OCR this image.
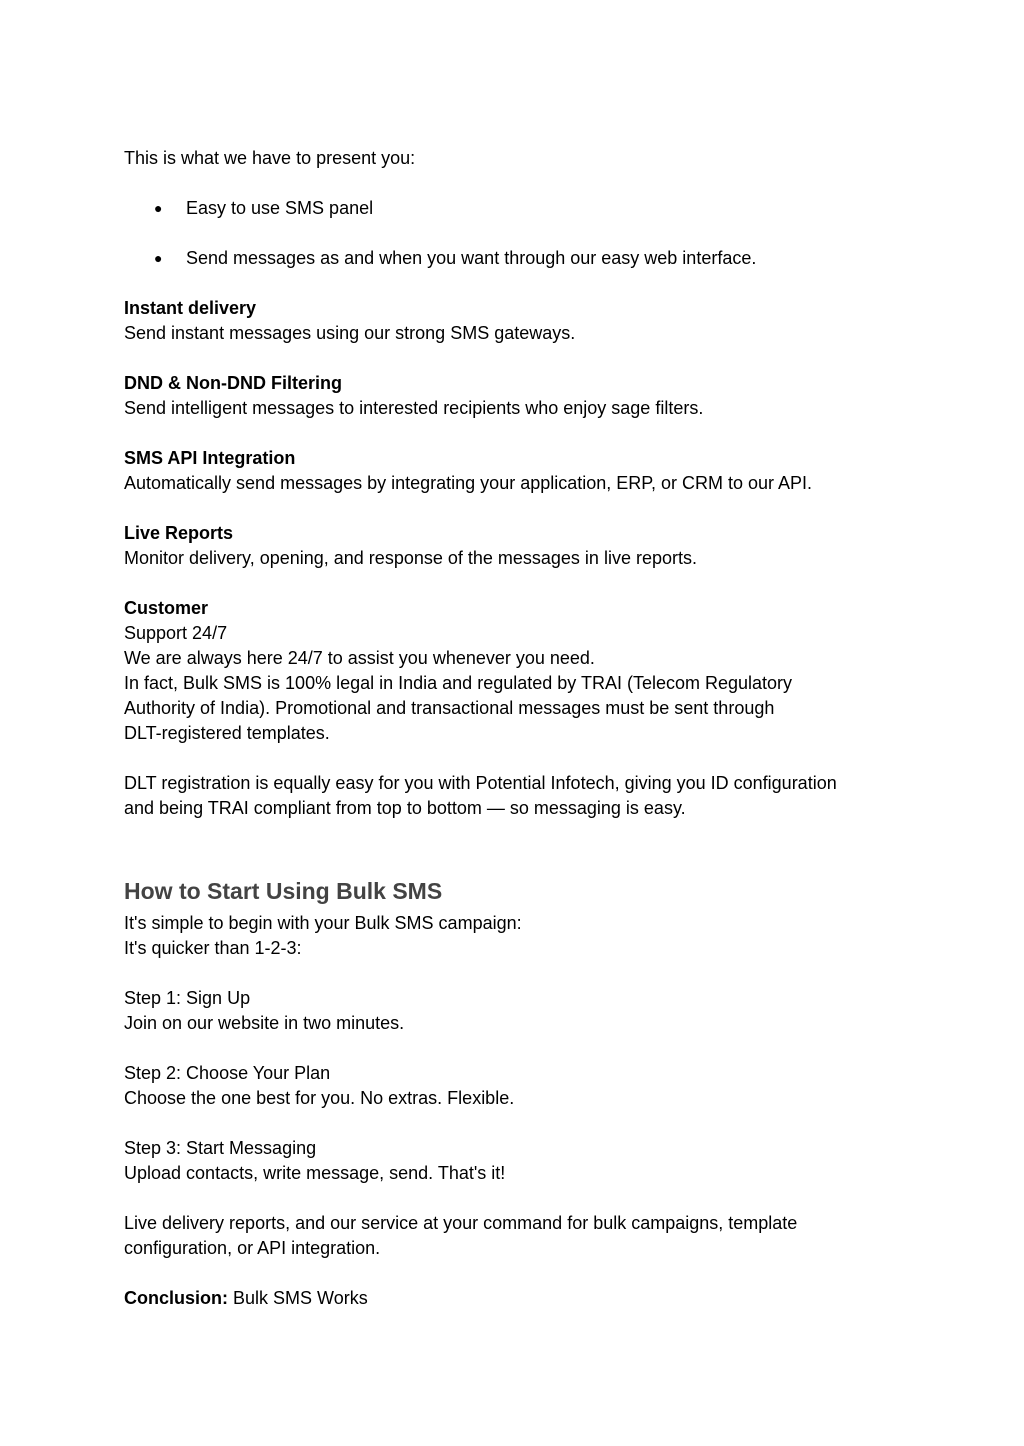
This is what we have to present you:

● Easy to use SMS panel
● Send messages as and when you want through our easy web interface.

Instant delivery

Send instant messages using our strong SMS gateways.

DND & Non-DND Filtering

Send intelligent messages to interested recipients who enjoy sage filters.

SMS API Integration

Automatically send messages by integrating your application, ERP, or CRM to our API.

Live Reports

Monitor delivery, opening, and response of the messages in live reports.

Customer

Support 24/7

We are always here 24/7 to assist you whenever you need.

In fact, Bulk SMS is 100% legal in India and regulated by TRAI (Telecom Regulatory

Authority of India). Promotional and transactional messages must be sent through

DLT-registered templates.

DLT registration is equally easy for you with Potential Infotech, giving you ID configuration

and being TRAI compliant from top to bottom — so messaging is easy.

How to Start Using Bulk SMS

It's simple to begin with your Bulk SMS campaign:

It's quicker than 1-2-3:

Step 1: Sign Up

Join on our website in two minutes.

Step 2: Choose Your Plan

Choose the one best for you. No extras. Flexible.

Step 3: Start Messaging

Upload contacts, write message, send. That's it!

Live delivery reports, and our service at your command for bulk campaigns, template

configuration, or API integration.

Conclusion: Bulk SMS Works
